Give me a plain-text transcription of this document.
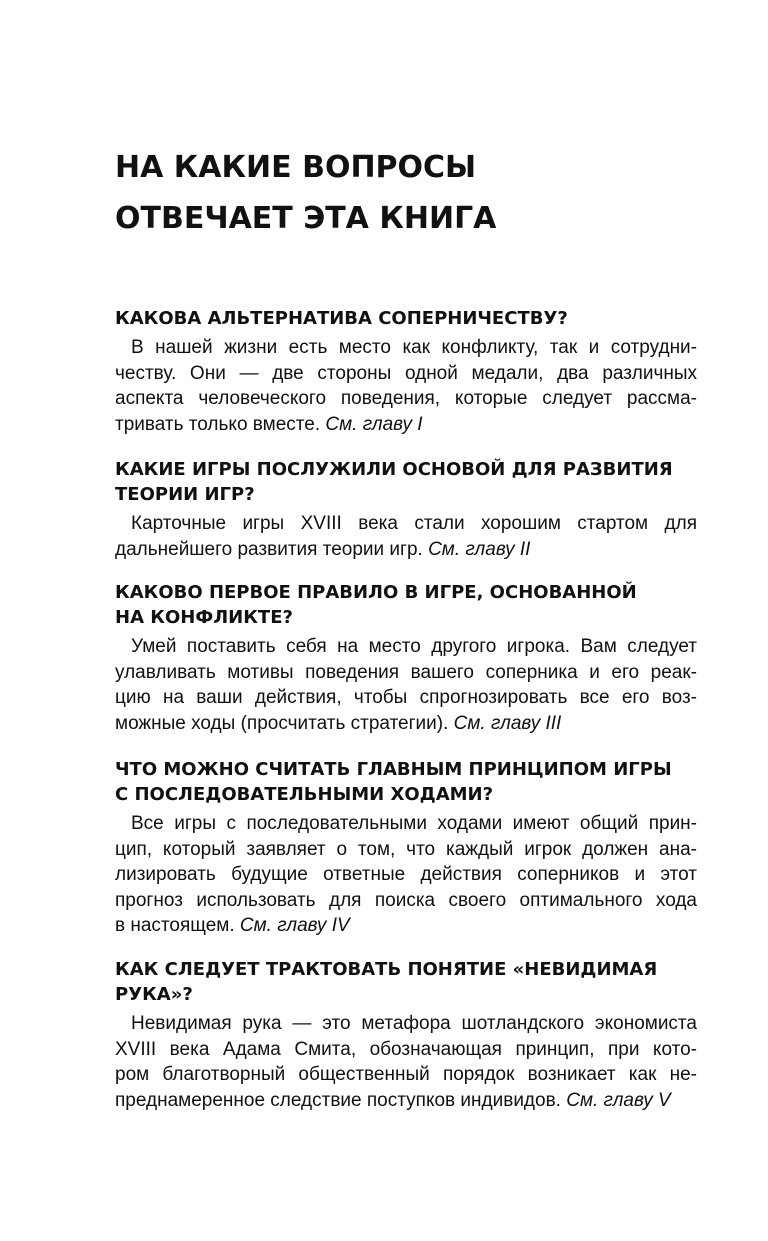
НА КАКИЕ ВОПРОСЫ
ОТВЕЧАЕТ ЭТА КНИГА
КАКОВА АЛЬТЕРНАТИВА СОПЕРНИЧЕСТВУ?

В нашей жизни есть место как конфликту, так и сотрудни-
честву. Они — две стороны одной медали, два различных
аспекта человеческого поведения, которые следует рассма-
тривать только вместе. См. главу I

КАКИЕ ИГРЫ ПОСЛУЖИЛИ ОСНОВОЙ ДЛЯ РАЗВИТИЯ
ТЕОРИИ ИГР?

Карточные игры XVIII века стали хорошим стартом для
дальнейшего развития теории игр. См. главу II

КАКОВО ПЕРВОЕ ПРАВИЛО В ИГРЕ, ОСНОВАННОЙ
НА КОНФЛИКТЕ?

Умей поставить себя на место другого игрока. Вам следует
улавливать мотивы поведения вашего соперника и его реак-
цию на ваши действия, чтобы спрогнозировать все его воз-
можные ходы (просчитать стратегии). См. главу III

ЧТО МОЖНО СЧИТАТЬ ГЛАВНЫМ ПРИНЦИПОМ ИГРЫ
С ПОСЛЕДОВАТЕЛЬНЫМИ ХОДАМИ?

Все игры с последовательными ходами имеют общий прин-
цип, который заявляет о том, что каждый игрок должен ана-
лизировать будущие ответные действия соперников и этот
прогноз использовать для поиска своего оптимального хода
в настоящем. См. главу IV

КАК СЛЕДУЕТ ТРАКТОВАТЬ ПОНЯТИЕ «НЕВИДИМАЯ
РУКА»?

Невидимая рука — это метафора шотландского экономиста
XVIII века Адама Смита, обозначающая принцип, при кото-
ром благотворный общественный порядок возникает как не-
преднамеренное следствие поступков индивидов. См. главу V
